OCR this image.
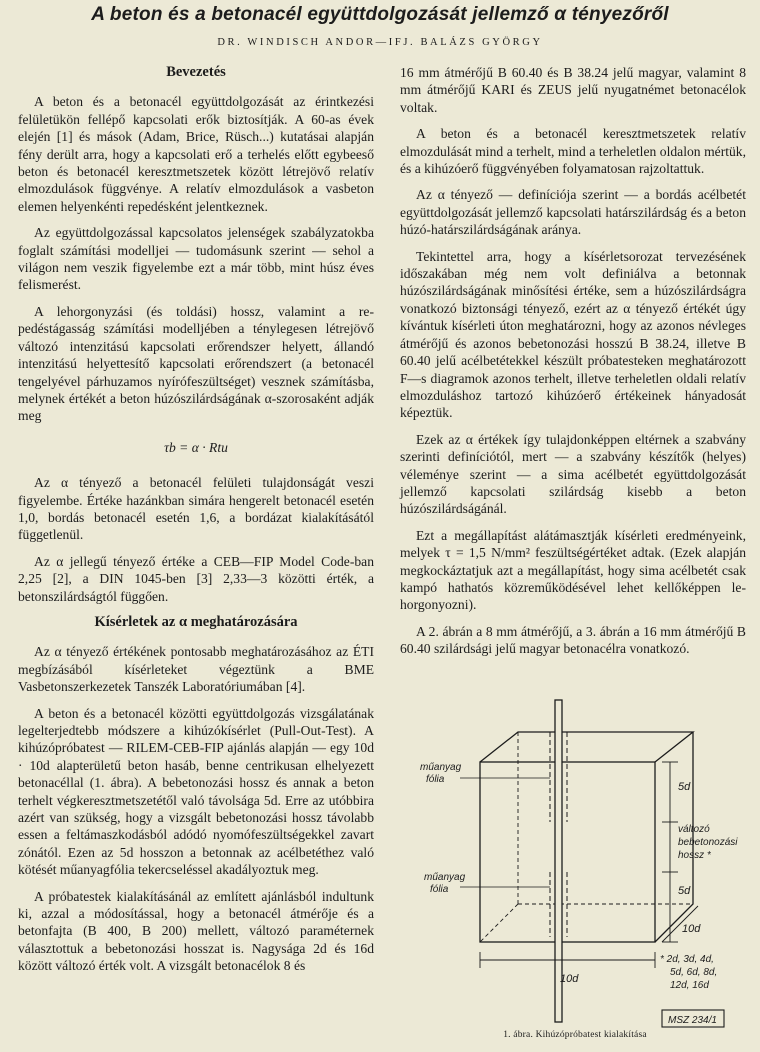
A beton és a betonacél együttdolgozását jellemző α tényezőről
DR. WINDISCH ANDOR—IFJ. BALÁZS GYÖRGY
Bevezetés

A beton és a betonacél együttdolgozását az érintkezési felületükön fellépő kapcsolati erők biztosítják. A 60-as évek elején [1] és mások (Adam, Brice, Rüsch...) kutatásai alapján fény derült arra, hogy a kapcsolati erő a terhelés előtt egybeeső beton és betonacél keresztmetszetek között létrejövő relatív elmozdulások függvénye. A relatív elmozdulások a vasbeton elemen helyenkénti repedésként jelentkeznek.

Az együttdolgozással kapcsolatos jelenségek szabályzatokba foglalt számítási modelljei — tudomásunk szerint — sehol a világon nem veszik figyelembe ezt a már több, mint húsz éves felismerést.

A lehorgonyzási (és toldási) hossz, valamint a repedéstágasság számítási modelljében a ténylegesen létrejövő változó intenzitású kapcsolati erőrendszer helyett, állandó intenzitású helyettesítő kapcsolati erőrendszert (a betonacél tengelyével párhuzamos nyírófeszültséget) vesznek számításba, melynek értékét a beton húzószilárdságának α-szorosaként adják meg

τb = α · Rtu

Az α tényező a betonacél felületi tulajdonságát veszi figyelembe. Értéke hazánkban simára hengerelt betonacél esetén 1,0, bordás betonacél esetén 1,6, a bordázat kialakításától függetlenül.

Az α jellegű tényező értéke a CEB—FIP Model Code-ban 2,25 [2], a DIN 1045-ben [3] 2,33—3 közötti érték, a betonszilárdságtól függően.

Kísérletek az α meghatározására

Az α tényező értékének pontosabb meghatározásához az ÉTI megbízásából kísérleteket végeztünk a BME Vasbetonszerkezetek Tanszék Laboratóriumában [4].

A beton és a betonacél közötti együttdolgozás vizsgálatának legelterjedtebb módszere a kihúzókísérlet (Pull-Out-Test). A kihúzópróbatest — RILEM-CEB-FIP ajánlás alapján — egy 10d · 10d alapterületű beton hasáb, benne centrikusan elhelyezett betonacéllal (1. ábra). A bebetonozási hossz és annak a beton terhelt végkeresztmetszetétől való távolsága 5d. Erre az utóbbira azért van szükség, hogy a vizsgált bebetonozási hossz távolabb essen a feltámaszkodásból adódó nyomófeszültségekkel zavart zónától. Ezen az 5d hosszon a betonnak az acélbetéthez való kötését műanyagfólia tekercseléssel akadályoztuk meg.

A próbatestek kialakításánál az említett ajánlásból indultunk ki, azzal a módosítással, hogy a betonacél átmérője és a betonfajta (B 400, B 200) mellett, változó paraméternek választottuk a bebetonozási hosszat is. Nagysága 2d és 16d között változó érték volt. A vizsgált betonacélok 8 és

16 mm átmérőjű B 60.40 és B 38.24 jelű magyar, valamint 8 mm átmérőjű KARI és ZEUS jelű nyugatnémet betonacélok voltak.

A beton és a betonacél keresztmetszetek relatív elmozdulását mind a terhelt, mind a terheletlen oldalon mértük, és a kihúzóerő függvényében folyamatosan rajzoltattuk.

Az α tényező — definíciója szerint — a bordás acélbetét együttdolgozását jellemző kapcsolati határszilárdság és a beton húzó-határszilárdságának aránya.

Tekintettel arra, hogy a kísérletsorozat tervezésének időszakában még nem volt definiálva a betonnak húzószilárdságának minősítési értéke, sem a húzószilárdságra vonatkozó biztonsági tényező, ezért az α tényező értékét úgy kívántuk kísérleti úton meghatározni, hogy az azonos névleges átmérőjű és azonos bebetonozási hosszú B 38.24, illetve B 60.40 jelű acélbetétekkel készült próbatesteken meghatározott F—s diagramok azonos terhelt, illetve terheletlen oldali relatív elmozduláshoz tartozó kihúzóerő értékeinek hányadosát képeztük.

Ezek az α értékek így tulajdonképpen eltérnek a szabvány szerinti definíciótól, mert — a szabvány készítők (helyes) véleménye szerint — a sima acélbetét együttdolgozását jellemző kapcsolati szilárdság kisebb a beton húzószilárdságánál.

Ezt a megállapítást alátámasztják kísérleti eredményeink, melyek τ = 1,5 N/mm² feszültségértéket adtak. (Ezek alapján megkockáztatjuk azt a megállapítást, hogy sima acélbetét csak kampó hathatós közreműködésével lehet kellőképpen lehorgonyozni).

A 2. ábrán a 8 mm átmérőjű, a 3. ábrán a 16 mm átmérőjű B 60.40 szilárdsági jelű magyar betonacélra vonatkozó.

műanyag
fólia
műanyag
fólia
5d
változó
bebetonozási
hossz *
5d
10d
10d
* 2d, 3d, 4d,
5d, 6d, 8d,
12d, 16d
MSZ 234/1
1. ábra. Kihúzópróbatest kialakítása
